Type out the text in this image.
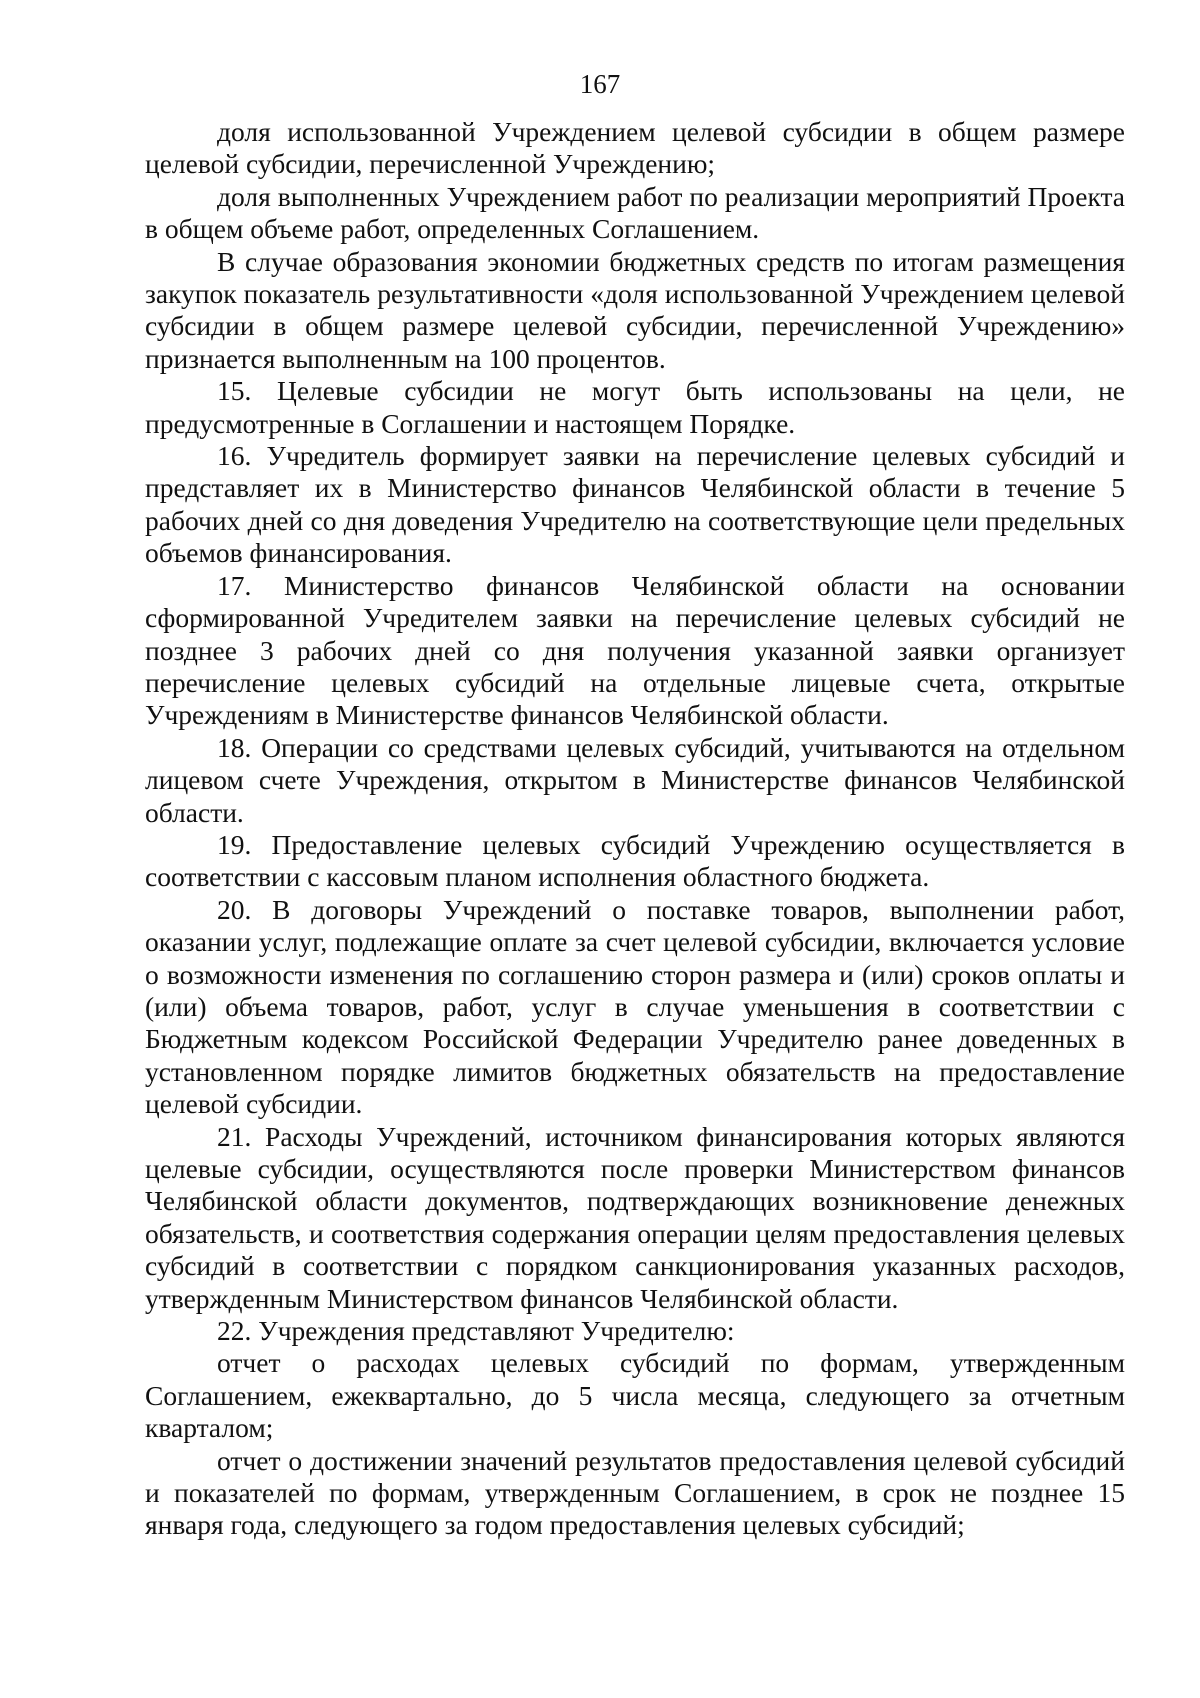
167

доля использованной Учреждением целевой субсидии в общем размере целевой субсидии, перечисленной Учреждению;

доля выполненных Учреждением работ по реализации мероприятий Проекта в общем объеме работ, определенных Соглашением.

В случае образования экономии бюджетных средств по итогам размещения закупок показатель результативности «доля использованной Учреждением целевой субсидии в общем размере целевой субсидии, перечисленной Учреждению» признается выполненным на 100 процентов.

15. Целевые субсидии не могут быть использованы на цели, не предусмотренные в Соглашении и настоящем Порядке.

16. Учредитель формирует заявки на перечисление целевых субсидий и представляет их в Министерство финансов Челябинской области в течение 5 рабочих дней со дня доведения Учредителю на соответствующие цели предельных объемов финансирования.

17. Министерство финансов Челябинской области на основании сформированной Учредителем заявки на перечисление целевых субсидий не позднее 3 рабочих дней со дня получения указанной заявки организует перечисление целевых субсидий на отдельные лицевые счета, открытые Учреждениям в Министерстве финансов Челябинской области.

18. Операции со средствами целевых субсидий, учитываются на отдельном лицевом счете Учреждения, открытом в Министерстве финансов Челябинской области.

19. Предоставление целевых субсидий Учреждению осуществляется в соответствии с кассовым планом исполнения областного бюджета.

20. В договоры Учреждений о поставке товаров, выполнении работ, оказании услуг, подлежащие оплате за счет целевой субсидии, включается условие о возможности изменения по соглашению сторон размера и (или) сроков оплаты и (или) объема товаров, работ, услуг в случае уменьшения в соответствии с Бюджетным кодексом Российской Федерации Учредителю ранее доведенных в установленном порядке лимитов бюджетных обязательств на предоставление целевой субсидии.

21. Расходы Учреждений, источником финансирования которых являются целевые субсидии, осуществляются после проверки Министерством финансов Челябинской области документов, подтверждающих возникновение денежных обязательств, и соответствия содержания операции целям предоставления целевых субсидий в соответствии с порядком санкционирования указанных расходов, утвержденным Министерством финансов Челябинской области.

22. Учреждения представляют Учредителю:

отчет о расходах целевых субсидий по формам, утвержденным Соглашением, ежеквартально, до 5 числа месяца, следующего за отчетным кварталом;

отчет о достижении значений результатов предоставления целевой субсидий и показателей по формам, утвержденным Соглашением, в срок не позднее 15 января года, следующего за годом предоставления целевых субсидий;
